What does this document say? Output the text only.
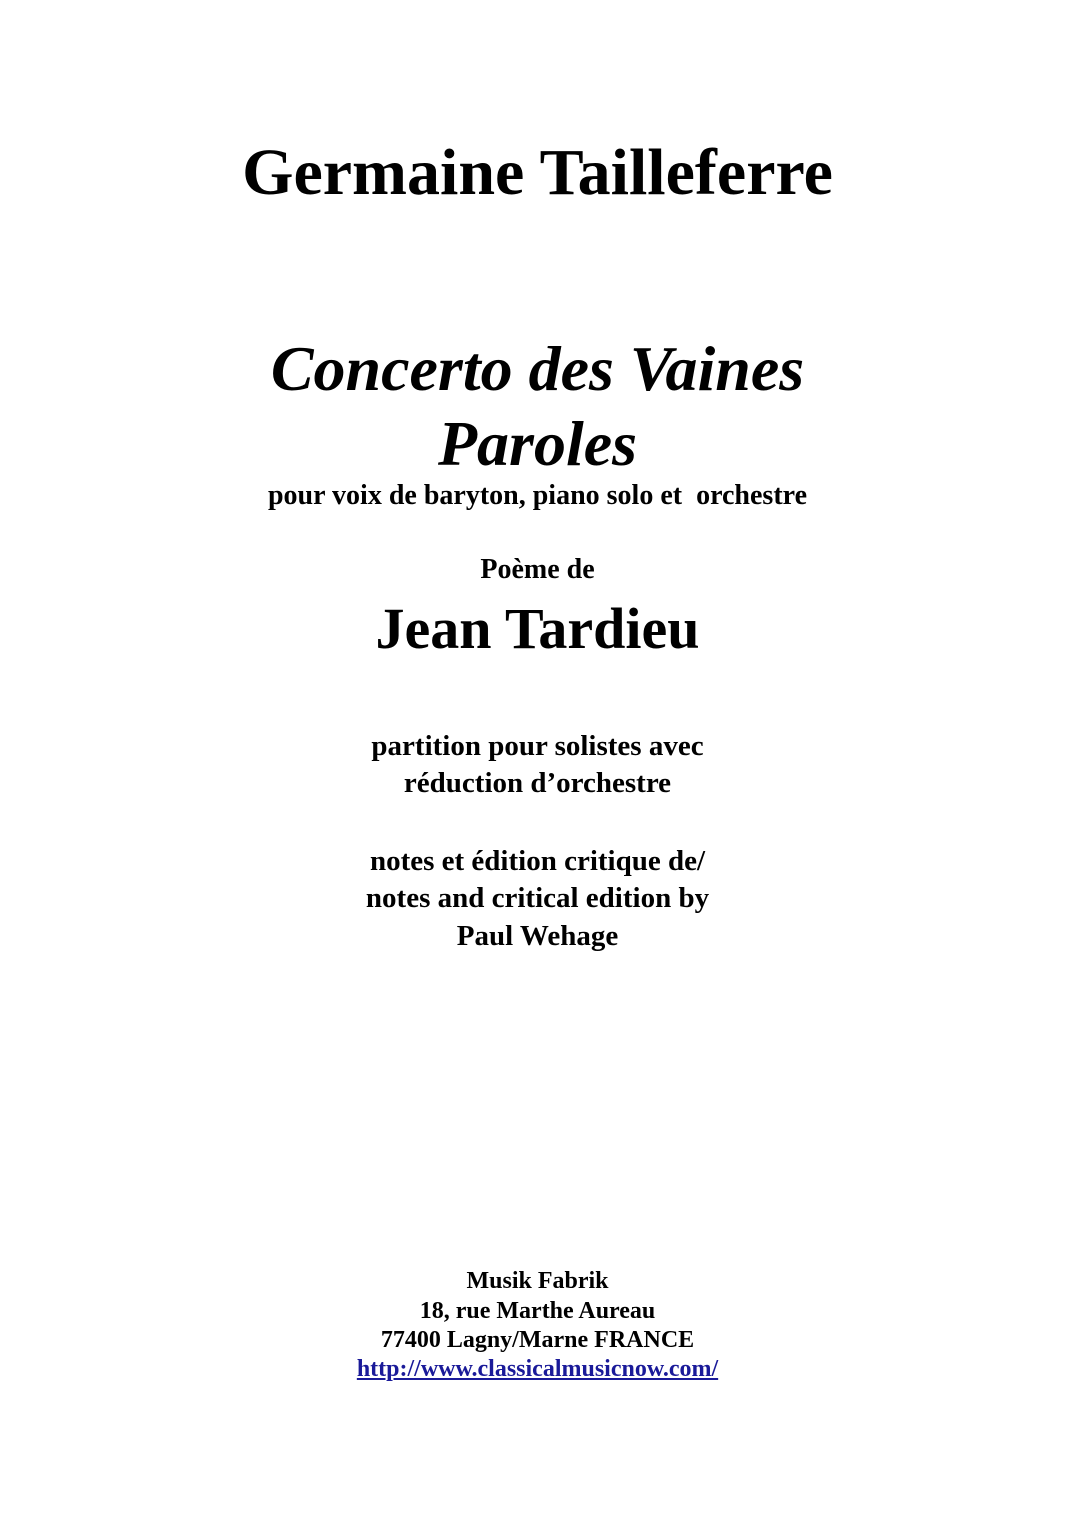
Germaine Tailleferre
Concerto des Vaines
Paroles
pour voix de baryton, piano solo et  orchestre
Poème de
Jean Tardieu
partition pour solistes avec
réduction d’orchestre
notes et édition critique de/
notes and critical edition by
Paul Wehage
Musik Fabrik
18, rue Marthe Aureau
77400 Lagny/Marne FRANCE
http://www.classicalmusicnow.com/
